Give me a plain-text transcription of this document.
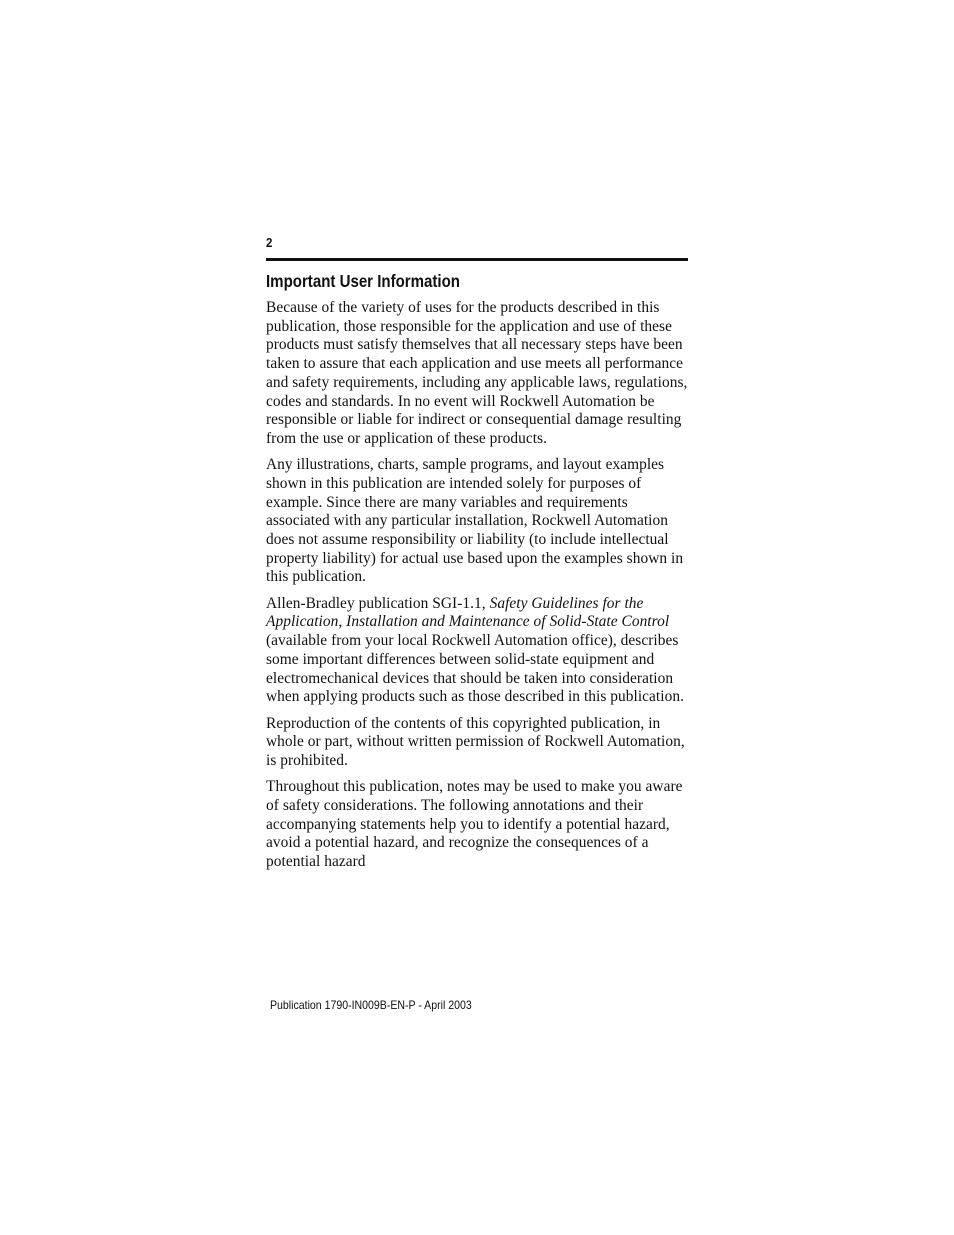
2
Important User Information

Because of the variety of uses for the products described in this publication, those responsible for the application and use of these products must satisfy themselves that all necessary steps have been taken to assure that each application and use meets all performance and safety requirements, including any applicable laws, regulations, codes and standards. In no event will Rockwell Automation be responsible or liable for indirect or consequential damage resulting from the use or application of these products.

Any illustrations, charts, sample programs, and layout examples shown in this publication are intended solely for purposes of example. Since there are many variables and requirements associated with any particular installation, Rockwell Automation does not assume responsibility or liability (to include intellectual property liability) for actual use based upon the examples shown in this publication.

Allen-Bradley publication SGI-1.1, Safety Guidelines for the Application, Installation and Maintenance of Solid-State Control (available from your local Rockwell Automation office), describes some important differences between solid-state equipment and electromechanical devices that should be taken into consideration when applying products such as those described in this publication.

Reproduction of the contents of this copyrighted publication, in whole or part, without written permission of Rockwell Automation, is prohibited.

Throughout this publication, notes may be used to make you aware of safety considerations. The following annotations and their accompanying statements help you to identify a potential hazard, avoid a potential hazard, and recognize the consequences of a potential hazard

Publication 1790-IN009B-EN-P - April 2003
